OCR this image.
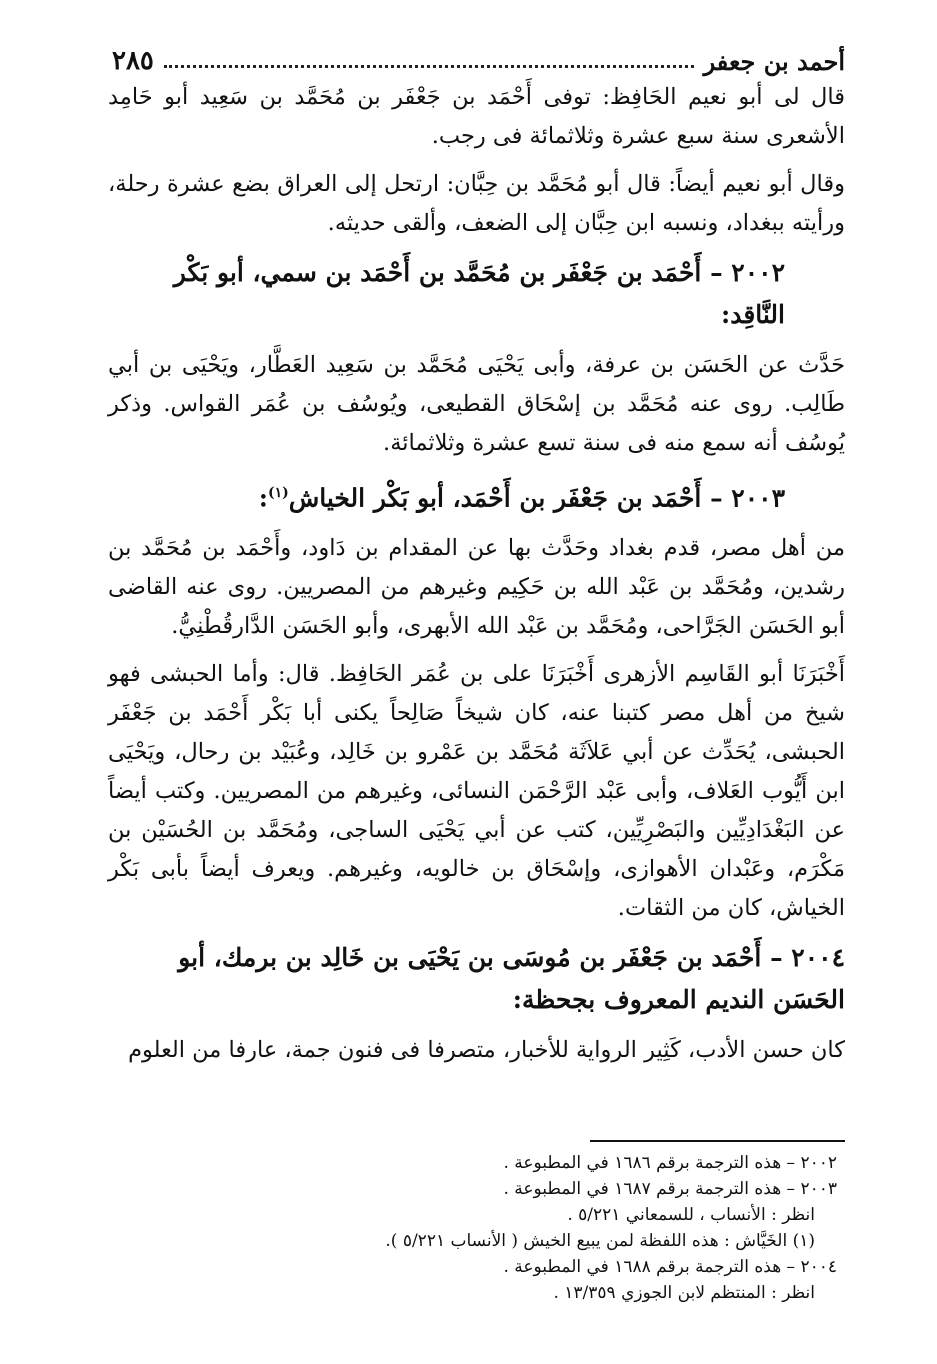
أحمد بن جعفر
٢٨٥

قال لى أبو نعيم الحَافِظ: توفى أَحْمَد بن جَعْفَر بن مُحَمَّد بن سَعِيد أبو حَامِد الأشعرى سنة سبع عشرة وثلاثمائة فى رجب.

وقال أبو نعيم أيضاً: قال أبو مُحَمَّد بن حِبَّان: ارتحل إلى العراق بضع عشرة رحلة، ورأيته ببغداد، ونسبه ابن حِبَّان إلى الضعف، وألقى حديثه.

٢٠٠٢ – أَحْمَد بن جَعْفَر بن مُحَمَّد بن أَحْمَد بن سمي، أبو بَكْر النَّاقِد:

حَدَّث عن الحَسَن بن عرفة، وأبى يَحْيَى مُحَمَّد بن سَعِيد العَطَّار، ويَحْيَى بن أبي طَالِب. روى عنه مُحَمَّد بن إسْحَاق القطيعى، ويُوسُف بن عُمَر القواس. وذكر يُوسُف أنه سمع منه فى سنة تسع عشرة وثلاثمائة.

٢٠٠٣ – أَحْمَد بن جَعْفَر بن أَحْمَد، أبو بَكْر الخياش$^{(١)}$:

من أهل مصر، قدم بغداد وحَدَّث بها عن المقدام بن دَاود، وأَحْمَد بن مُحَمَّد بن رشدين، ومُحَمَّد بن عَبْد الله بن حَكِيم وغيرهم من المصريين. روى عنه القاضى أبو الحَسَن الجَرَّاحى، ومُحَمَّد بن عَبْد الله الأبهرى، وأبو الحَسَن الدَّارقُطْنِيُّ.

أَخْبَرَنَا أبو القَاسِم الأزهرى أَخْبَرَنَا على بن عُمَر الحَافِظ. قال: وأما الحبشى فهو شيخ من أهل مصر كتبنا عنه، كان شيخاً صَالِحاً يكنى أبا بَكْر أَحْمَد بن جَعْفَر الحبشى، يُحَدِّث عن أبي عَلاَثَة مُحَمَّد بن عَمْرو بن خَالِد، وعُبَيْد بن رحال، ويَحْيَى ابن أَيُّوب العَلاف، وأبى عَبْد الرَّحْمَن النسائى، وغيرهم من المصريين. وكتب أيضاً عن البَغْدَادِيِّين والبَصْرِيِّين، كتب عن أبي يَحْيَى الساجى، ومُحَمَّد بن الحُسَيْن بن مَكْرَم، وعَبْدان الأهوازى، وإسْحَاق بن خالويه، وغيرهم. ويعرف أيضاً بأبى بَكْر الخياش، كان من الثقات.

٢٠٠٤ – أَحْمَد بن جَعْفَر بن مُوسَى بن يَحْيَى بن خَالِد بن برمك، أبو الحَسَن النديم المعروف بجحظة:

كان حسن الأدب، كَثِير الرواية للأخبار، متصرفا فى فنون جمة، عارفا من العلوم

٢٠٠٢ – هذه الترجمة برقم ١٦٨٦ في المطبوعة .
٢٠٠٣ – هذه الترجمة برقم ١٦٨٧ في المطبوعة .
انظر : الأنساب ، للسمعاني ٥/٢٢١ .
(١) الخَيَّاش : هذه اللفظة لمن يبيع الخيش ( الأنساب ٥/٢٢١ ).
٢٠٠٤ – هذه الترجمة برقم ١٦٨٨ في المطبوعة .
انظر : المنتظم لابن الجوزي ١٣/٣٥٩ .
